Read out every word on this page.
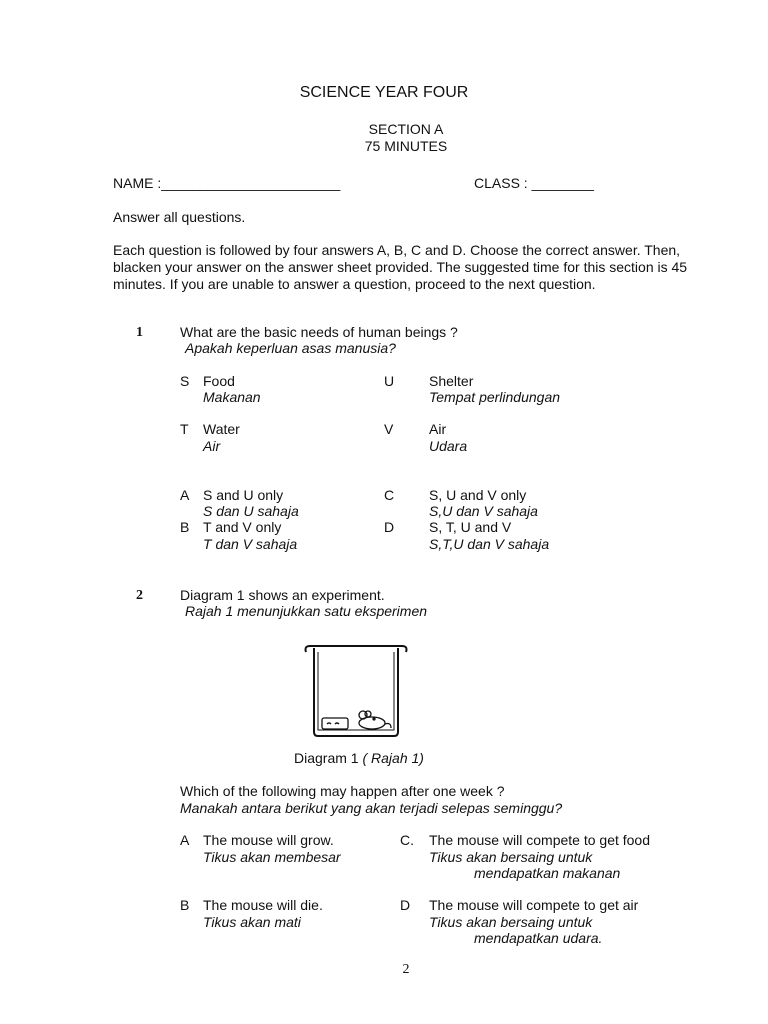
SCIENCE YEAR FOUR
SECTION A
75 MINUTES
NAME :_______________________	CLASS : ________
Answer all questions.
Each question is followed by four answers A, B, C and D. Choose the correct answer. Then, blacken your answer on the answer sheet provided. The suggested time for this section is 45 minutes. If you are unable to answer a question, proceed to the next question.
1	What are the basic needs of human beings ?
Apakah keperluan asas manusia?
S Food
Makanan
U Shelter
Tempat perlindungan
T Water
Air
V	Air
Udara
A S and U only
S dan U sahaja
B T and V only
T dan V sahaja
C S, U and V only
S,U dan V sahaja
D S, T, U and V
S,T,U dan V sahaja
2	Diagram 1 shows an experiment.
Rajah 1 menunjukkan satu eksperimen
Diagram 1 ( Rajah 1)
Which of the following may happen after one week ?
Manakah antara berikut yang akan terjadi selepas seminggu?
A The mouse will grow.
Tikus akan membesar
B The mouse will die.
Tikus akan mati
C. The mouse will compete to get food
Tikus akan bersaing untuk
mendapatkan makanan
D The mouse will compete to get air
Tikus akan bersaing untuk
mendapatkan udara.
2
